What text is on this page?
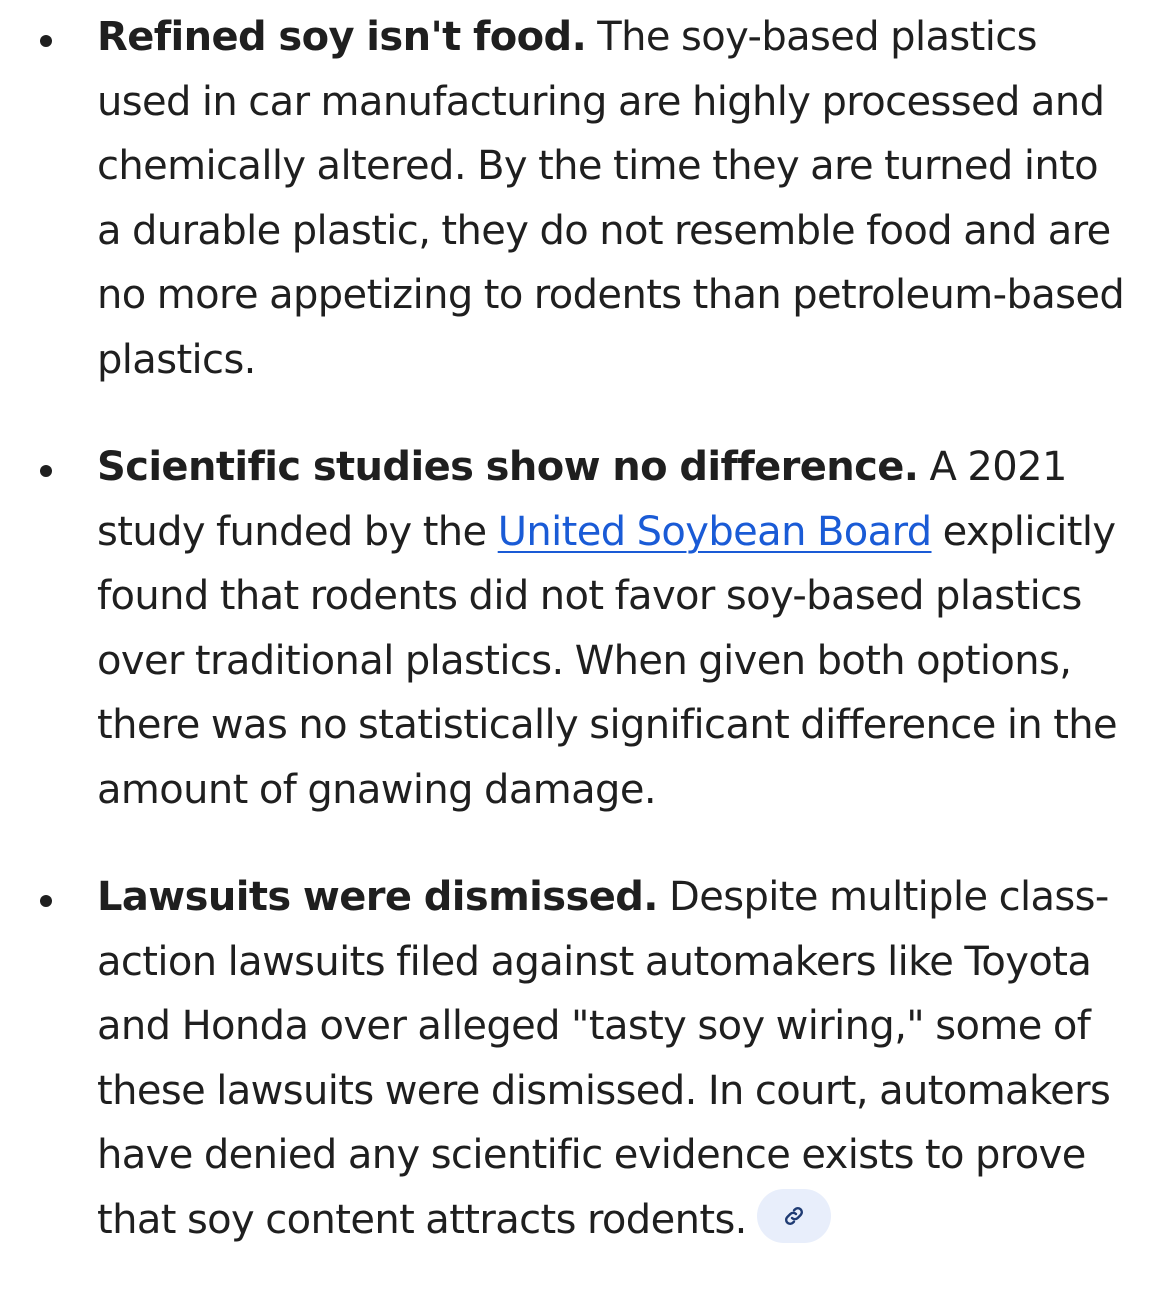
Refined soy isn't food. The soy-based plastics used in car manufacturing are highly processed and chemically altered. By the time they are turned into a durable plastic, they do not resemble food and are no more appetizing to rodents than petroleum-based plastics.

Scientific studies show no difference. A 2021 study funded by the United Soybean Board explicitly found that rodents did not favor soy-based plastics over traditional plastics. When given both options, there was no statistically significant difference in the amount of gnawing damage.

Lawsuits were dismissed. Despite multiple class-action lawsuits filed against automakers like Toyota and Honda over alleged "tasty soy wiring," some of these lawsuits were dismissed. In court, automakers have denied any scientific evidence exists to prove that soy content attracts rodents.
